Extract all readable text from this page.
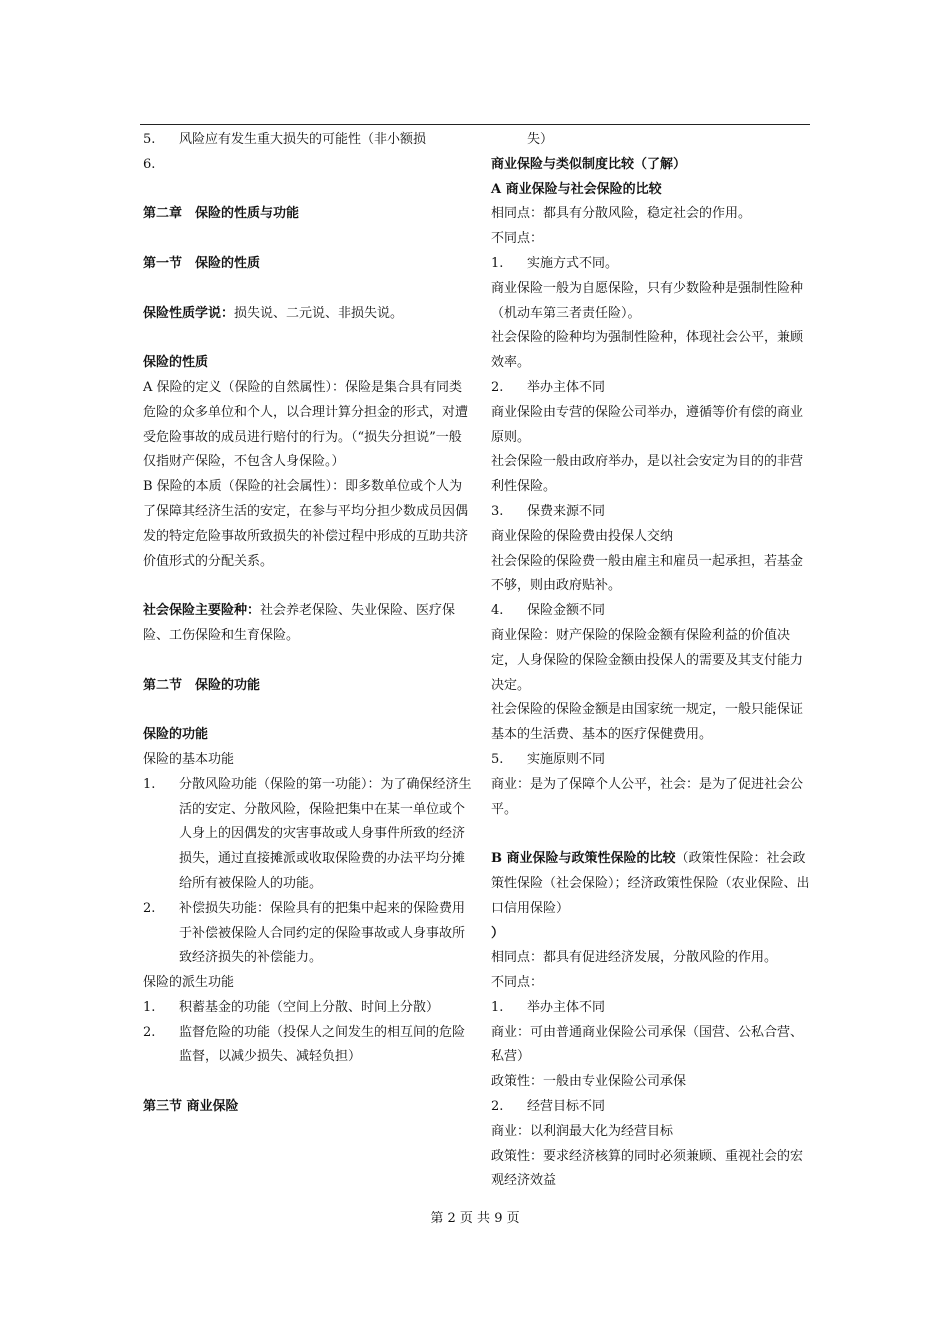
5.	风险应有发生重大损失的可能性（非小额损

6.

第二章　保险的性质与功能

第一节　保险的性质

保险性质学说：损失说、二元说、非损失说。

保险的性质

A 保险的定义（保险的自然属性）：保险是集合具有同类危险的众多单位和个人，以合理计算分担金的形式，对遭受危险事故的成员进行赔付的行为。（“损失分担说”一般仅指财产保险，不包含人身保险。）

B 保险的本质（保险的社会属性）：即多数单位或个人为了保障其经济生活的安定，在参与平均分担少数成员因偶发的特定危险事故所致损失的补偿过程中形成的互助共济价值形式的分配关系。

社会保险主要险种：社会养老保险、失业保险、医疗保险、工伤保险和生育保险。

第二节　保险的功能

保险的功能

保险的基本功能

1.	分散风险功能（保险的第一功能）：为了确保经济生活的安定、分散风险，保险把集中在某一单位或个人身上的因偶发的灾害事故或人身事件所致的经济损失，通过直接摊派或收取保险费的办法平均分摊给所有被保险人的功能。
2.	补偿损失功能：保险具有的把集中起来的保险费用于补偿被保险人合同约定的保险事故或人身事故所致经济损失的补偿能力。

保险的派生功能

1.	积蓄基金的功能（空间上分散、时间上分散）
2.	监督危险的功能（投保人之间发生的相互间的危险监督，以减少损失、减轻负担）

第三节 商业保险

失）

商业保险与类似制度比较（了解）

A 商业保险与社会保险的比较

相同点：都具有分散风险，稳定社会的作用。

不同点：

1.	实施方式不同。

商业保险一般为自愿保险，只有少数险种是强制性险种（机动车第三者责任险）。

社会保险的险种均为强制性险种，体现社会公平，兼顾效率。

2.	举办主体不同

商业保险由专营的保险公司举办，遵循等价有偿的商业原则。

社会保险一般由政府举办，是以社会安定为目的的非营利性保险。

3.	保费来源不同

商业保险的保险费由投保人交纳

社会保险的保险费一般由雇主和雇员一起承担，若基金不够，则由政府贴补。

4.	保险金额不同

商业保险：财产保险的保险金额有保险利益的价值决定，人身保险的保险金额由投保人的需要及其支付能力决定。

社会保险的保险金额是由国家统一规定，一般只能保证基本的生活费、基本的医疗保健费用。

5.	实施原则不同

商业：是为了保障个人公平，社会：是为了促进社会公平。

B 商业保险与政策性保险的比较（政策性保险：社会政策性保险（社会保险）；经济政策性保险（农业保险、出口信用保险）

）

相同点：都具有促进经济发展，分散风险的作用。

不同点：

1.	举办主体不同

商业：可由普通商业保险公司承保（国营、公私合营、私营）

政策性：一般由专业保险公司承保

2.	经营目标不同

商业：以利润最大化为经营目标

政策性：要求经济核算的同时必须兼顾、重视社会的宏观经济效益

第 2 页 共 9 页
